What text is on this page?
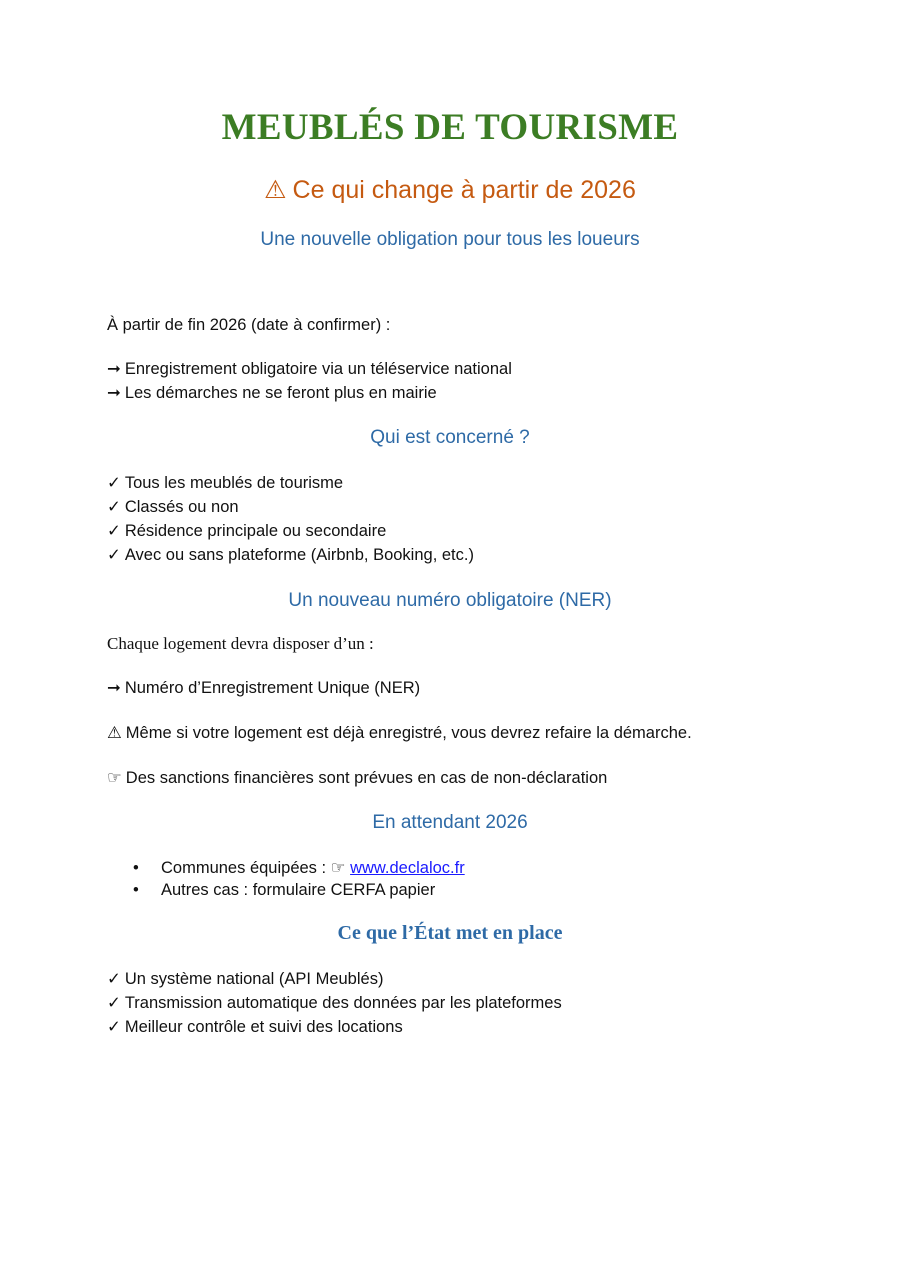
MEUBLÉS DE TOURISME
⚠ Ce qui change à partir de 2026
Une nouvelle obligation pour tous les loueurs
À partir de fin 2026 (date à confirmer) :
➞ Enregistrement obligatoire via un téléservice national
➞ Les démarches ne se feront plus en mairie
Qui est concerné ?
✓ Tous les meublés de tourisme
✓ Classés ou non
✓ Résidence principale ou secondaire
✓ Avec ou sans plateforme (Airbnb, Booking, etc.)
Un nouveau numéro obligatoire (NER)
Chaque logement devra disposer d’un :
➞ Numéro d’Enregistrement Unique (NER)
⚠ Même si votre logement est déjà enregistré, vous devrez refaire la démarche.
☞ Des sanctions financières sont prévues en cas de non-déclaration
En attendant 2026
• Communes équipées : ☞ www.declaloc.fr
• Autres cas : formulaire CERFA papier
Ce que l’État met en place
✓ Un système national (API Meublés)
✓ Transmission automatique des données par les plateformes
✓ Meilleur contrôle et suivi des locations
